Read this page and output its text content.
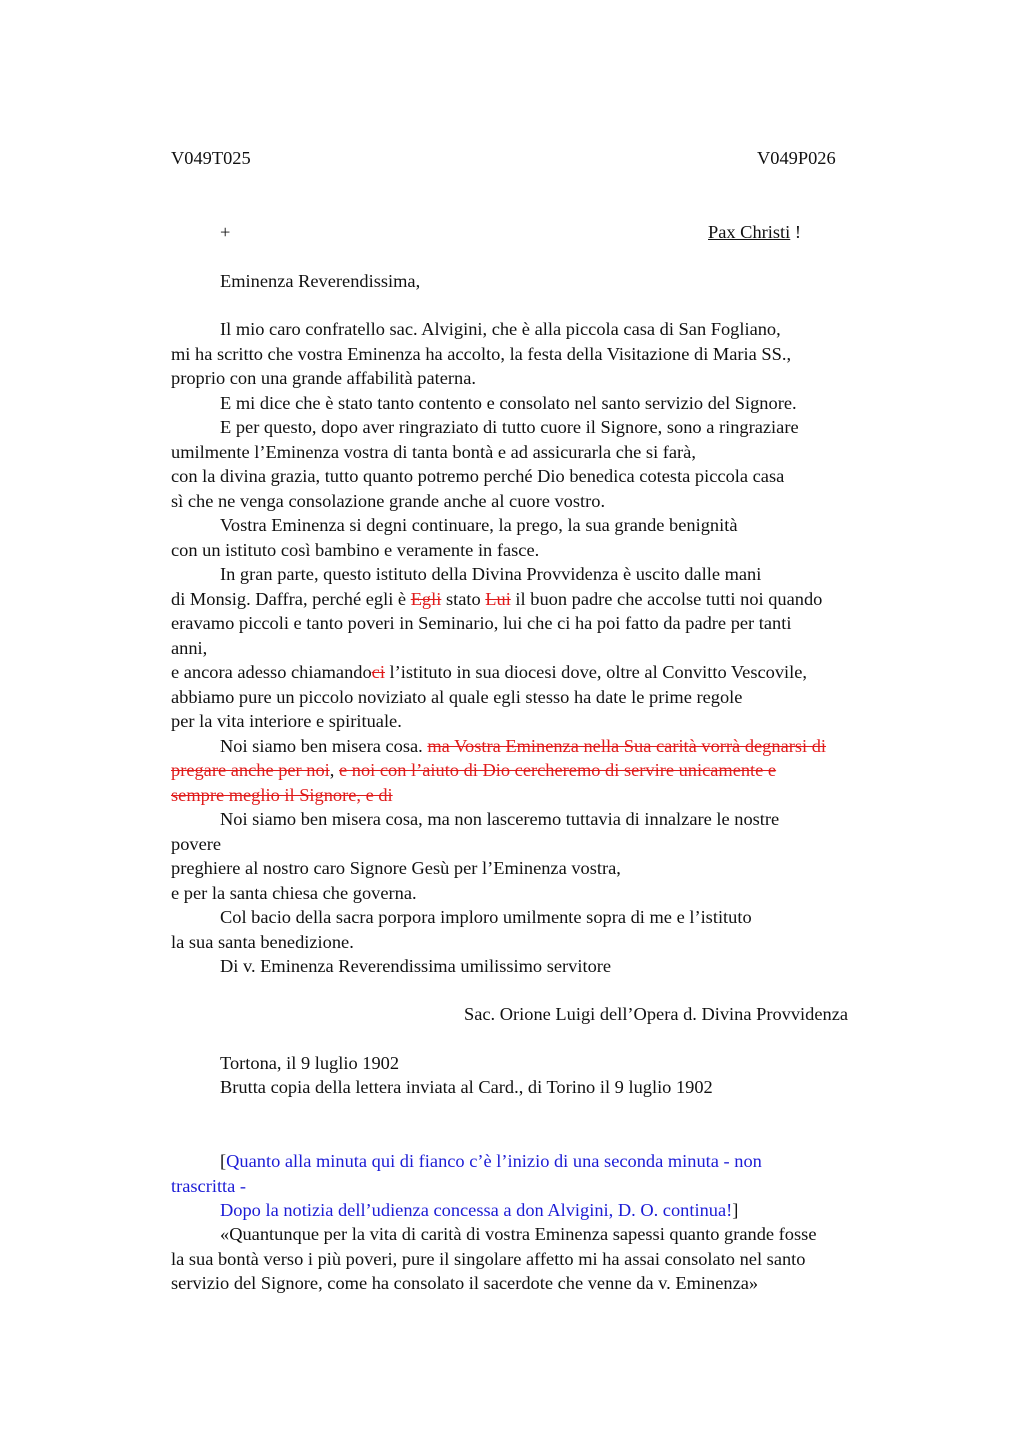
V049T025	V049P026
+	Pax Christi !
Eminenza Reverendissima,
Il mio caro confratello sac. Alvigini, che è alla piccola casa di San Fogliano,
mi ha scritto che vostra Eminenza ha accolto, la festa della Visitazione di Maria SS.,
proprio con una grande affabilità paterna.
E mi dice che è stato tanto contento e consolato nel santo servizio del Signore.
E per questo, dopo aver ringraziato di tutto cuore il Signore, sono a ringraziare
umilmente l’Eminenza vostra di tanta bontà e ad assicurarla che si farà,
con la divina grazia, tutto quanto potremo perché Dio benedica cotesta piccola casa
sì che ne venga consolazione grande anche al cuore vostro.
Vostra Eminenza si degni continuare, la prego, la sua grande benignità
con un istituto così bambino e veramente in fasce.
In gran parte, questo istituto della Divina Provvidenza è uscito dalle mani
di Monsig. Daffra, perché egli è Egli stato Lui il buon padre che accolse tutti noi quando
eravamo piccoli e tanto poveri in Seminario, lui che ci ha poi fatto da padre per tanti
anni,
e ancora adesso chiamandoci l’istituto in sua diocesi dove, oltre al Convitto Vescovile,
abbiamo pure un piccolo noviziato al quale egli stesso ha date le prime regole
per la vita interiore e spirituale.
Noi siamo ben misera cosa. ma Vostra Eminenza nella Sua carità vorrà degnarsi di
pregare anche per noi, e noi con l’aiuto di Dio cercheremo di servire unicamente e
sempre meglio il Signore, e di
Noi siamo ben misera cosa, ma non lasceremo tuttavia di innalzare le nostre
povere
preghiere al nostro caro Signore Gesù per l’Eminenza vostra,
e per la santa chiesa che governa.
Col bacio della sacra porpora imploro umilmente sopra di me e l’istituto
la sua santa benedizione.
Di v. Eminenza Reverendissima umilissimo servitore
Sac. Orione Luigi dell’Opera d. Divina Provvidenza
Tortona, il 9 luglio 1902
Brutta copia della lettera inviata al Card., di Torino il 9 luglio 1902
[Quanto alla minuta qui di fianco c’è l’inizio di una seconda minuta - non
trascritta -
Dopo la notizia dell’udienza concessa a don Alvigini, D. O. continua!]
«Quantunque per la vita di carità di vostra Eminenza sapessi quanto grande fosse
la sua bontà verso i più poveri, pure il singolare affetto mi ha assai consolato nel santo
servizio del Signore, come ha consolato il sacerdote che venne da v. Eminenza»
